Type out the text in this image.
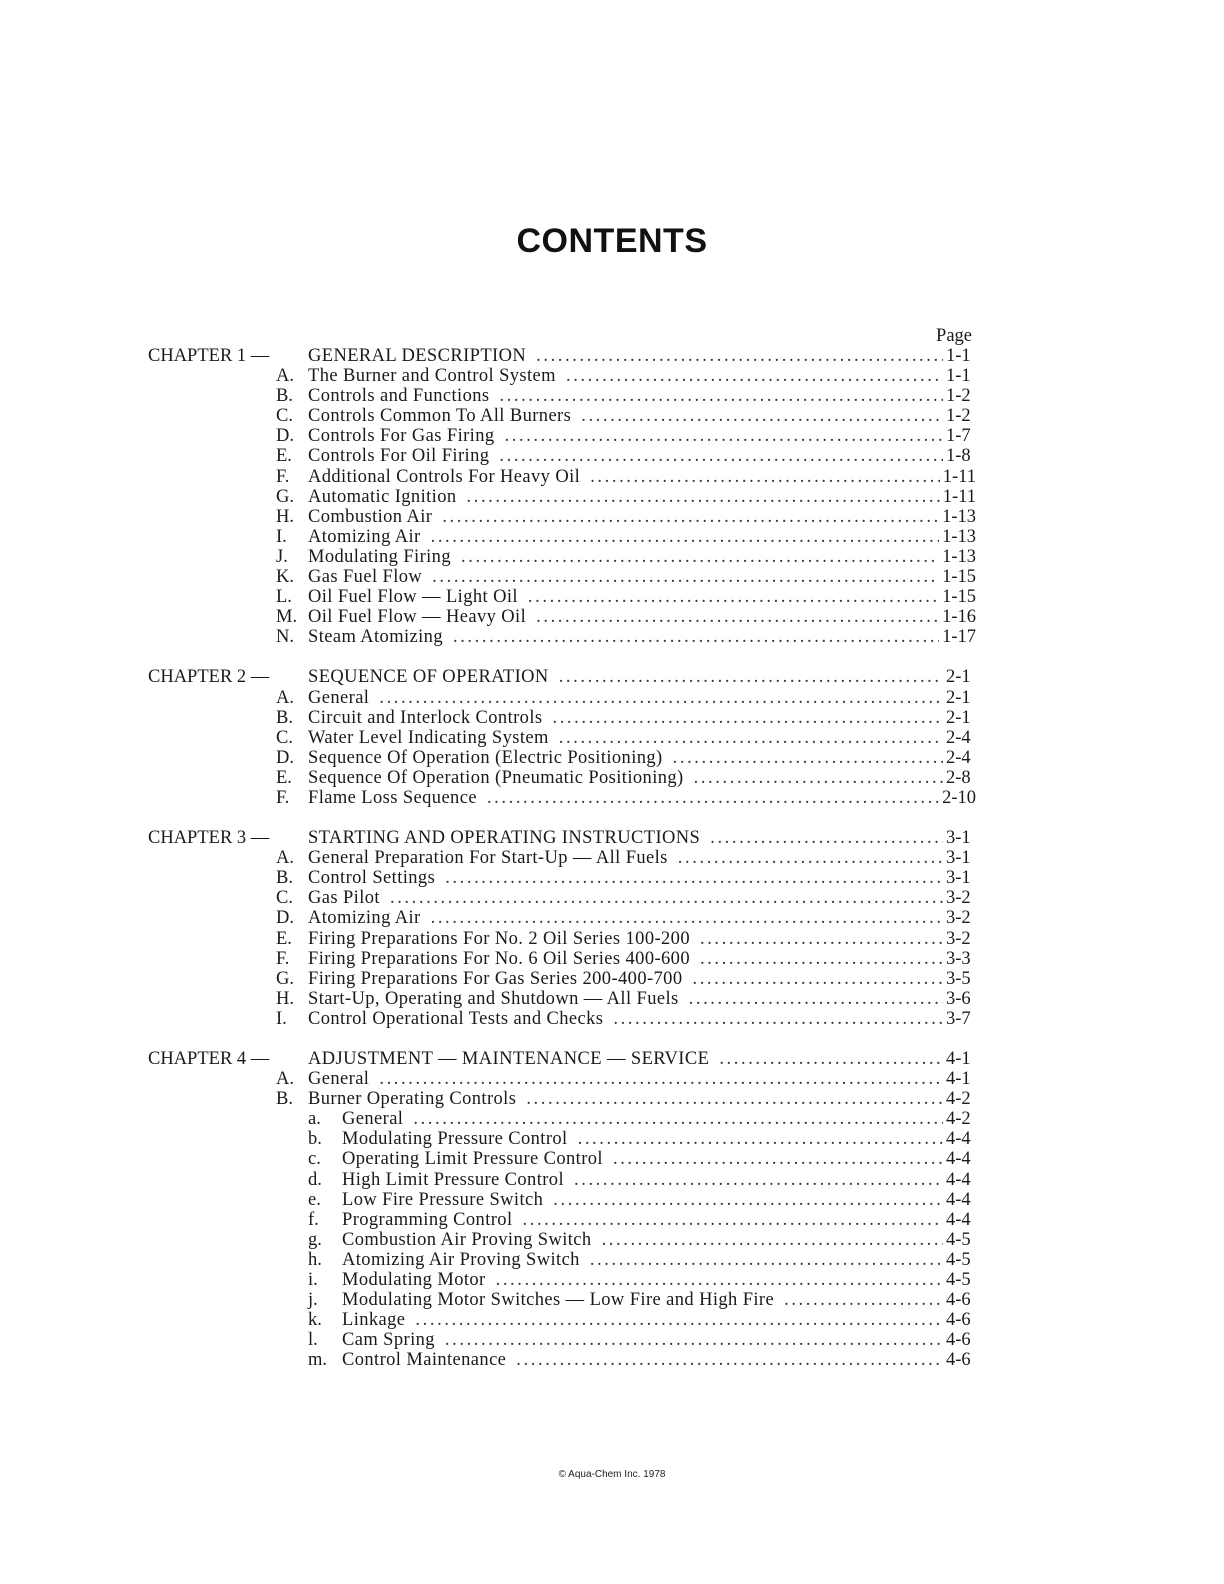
CONTENTS
Page
CHAPTER 1 —	GENERAL DESCRIPTION .....	1-1
A. The Burner and Control System .....	1-1
B. Controls and Functions .....	1-2
C. Controls Common To All Burners .....	1-2
D. Controls For Gas Firing .....	1-7
E. Controls For Oil Firing .....	1-8
F.	Additional Controls For Heavy Oil .....	1-11
G. Automatic Ignition .....	1-11
H. Combustion Air .....	1-13
I.	Atomizing Air .....	1-13
J.	Modulating Firing .....	1-13
K. Gas Fuel Flow .....	1-15
L. Oil Fuel Flow — Light Oil .....	1-15
M. Oil Fuel Flow — Heavy Oil .....	1-16
N. Steam Atomizing .....	1-17
CHAPTER 2 —	SEQUENCE OF OPERATION .....	2-1
A. General .....	2-1
B. Circuit and Interlock Controls .....	2-1
C. Water Level Indicating System .....	2-4
D. Sequence Of Operation (Electric Positioning) .....	2-4
E. Sequence Of Operation (Pneumatic Positioning) .....	2-8
F.	Flame Loss Sequence .....	2-10
CHAPTER 3 —	STARTING AND OPERATING INSTRUCTIONS .....	3-1
A. General Preparation For Start-Up — All Fuels .....	3-1
B. Control Settings .....	3-1
C. Gas Pilot .....	3-2
D. Atomizing Air .....	3-2
E. Firing Preparations For No. 2 Oil Series 100-200 .....	3-2
F.	Firing Preparations For No. 6 Oil Series 400-600 .....	3-3
G. Firing Preparations For Gas Series 200-400-700 .....	3-5
H. Start-Up, Operating and Shutdown — All Fuels .....	3-6
I.	Control Operational Tests and Checks .....	3-7
CHAPTER 4 —	ADJUSTMENT — MAINTENANCE — SERVICE .....	4-1
A. General .....	4-1
B. Burner Operating Controls .....	4-2
a.	General .....	4-2
b.	Modulating Pressure Control .....	4-4
c.	Operating Limit Pressure Control .....	4-4
d.	High Limit Pressure Control .....	4-4
e.	Low Fire Pressure Switch .....	4-4
f.	Programming Control .....	4-4
g.	Combustion Air Proving Switch .....	4-5
h.	Atomizing Air Proving Switch .....	4-5
i.	Modulating Motor .....	4-5
j.	Modulating Motor Switches — Low Fire and High Fire .....	4-6
k.	Linkage .....	4-6
l.	Cam Spring .....	4-6
m. Control Maintenance .....	4-6
© Aqua-Chem Inc. 1978
